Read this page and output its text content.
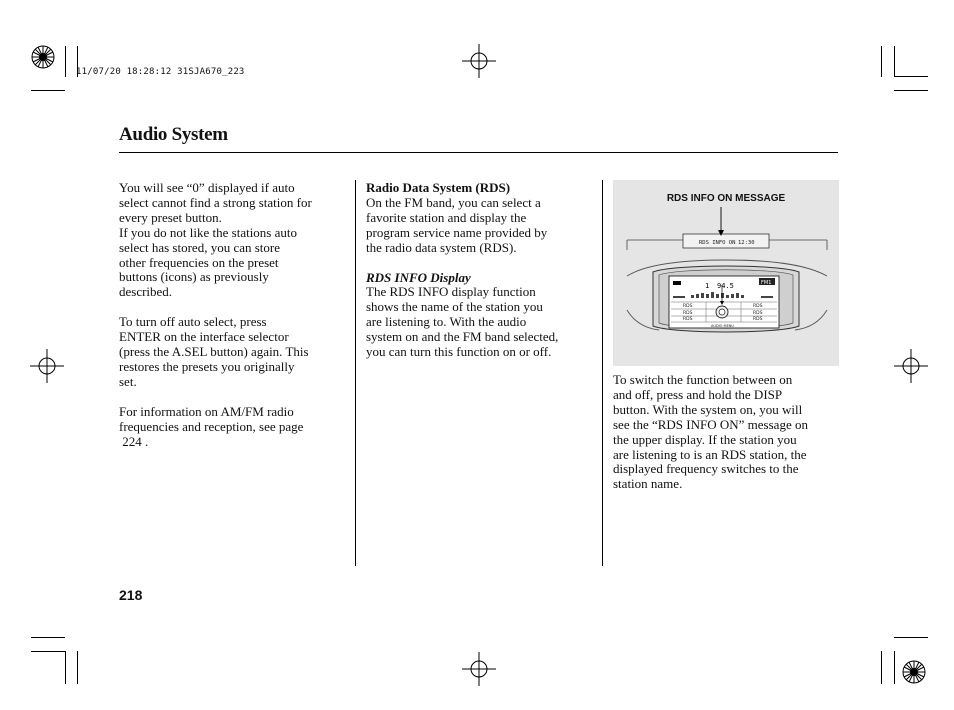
11/07/20 18:28:12 31SJA670_223
Audio System

You will see “0” displayed if auto

select cannot find a strong station for

every preset button.

If you do not like the stations auto

select has stored, you can store

other frequencies on the preset

buttons (icons) as previously

described.

To turn off auto select, press

ENTER on the interface selector

(press the A.SEL button) again. This

restores the presets you originally

set.

For information on AM/FM radio

frequencies and reception, see page

224 .

Radio Data System (RDS)

On the FM band, you can select a

favorite station and display the

program service name provided by

the radio data system (RDS).

RDS INFO Display

The RDS INFO display function

shows the name of the station you

are listening to. With the audio

system on and the FM band selected,

you can turn this function on or off.

RDS INFO ON MESSAGE
RDS INFO ON 12:30
1 94.5	FM1
RDS	RDS
RDS	RDS
RDS	RDS
AUDIO MENU

To switch the function between on

and off, press and hold the DISP

button. With the system on, you will

see the “RDS INFO ON” message on

the upper display. If the station you

are listening to is an RDS station, the

displayed frequency switches to the

station name.

218
